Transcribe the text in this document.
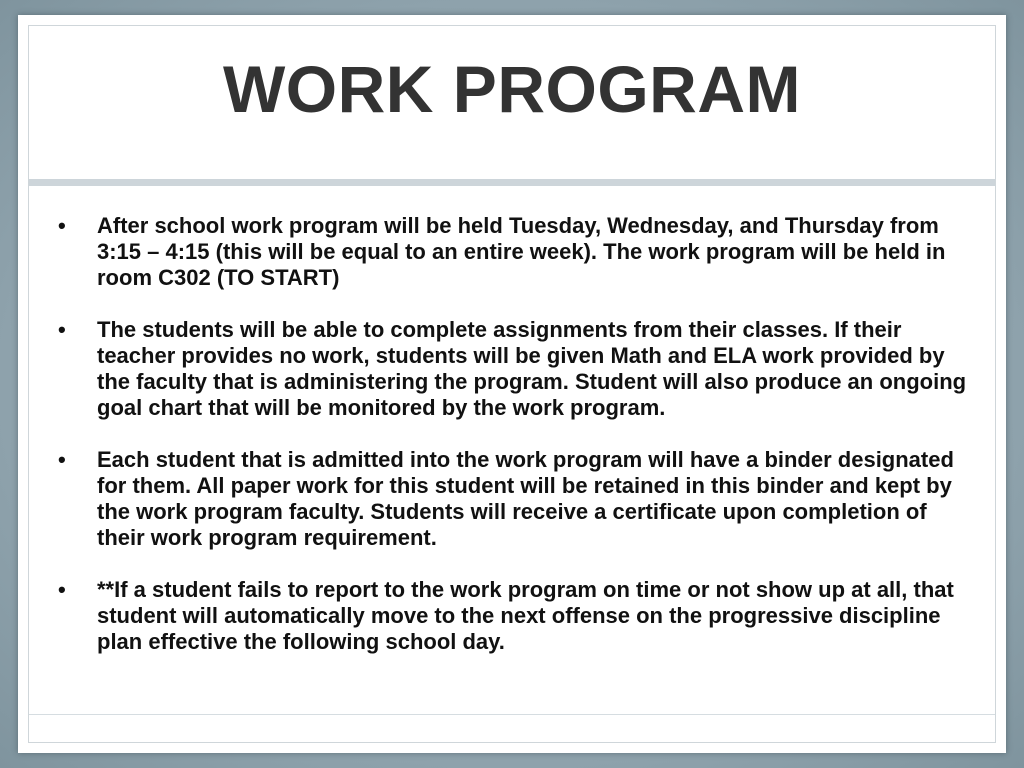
WORK PROGRAM
• After school work program will be held Tuesday, Wednesday, and Thursday from 3:15 – 4:15 (this will be equal to an entire week). The work program will be held in room C302 (TO START)
• The students will be able to complete assignments from their classes. If their teacher provides no work, students will be given Math and ELA work provided by the faculty that is administering the program. Student will also produce an ongoing goal chart that will be monitored by the work program.
• Each student that is admitted into the work program will have a binder designated for them. All paper work for this student will be retained in this binder and kept by the work program faculty. Students will receive a certificate upon completion of their work program requirement.
• **If a student fails to report to the work program on time or not show up at all, that student will automatically move to the next offense on the progressive discipline plan effective the following school day.
